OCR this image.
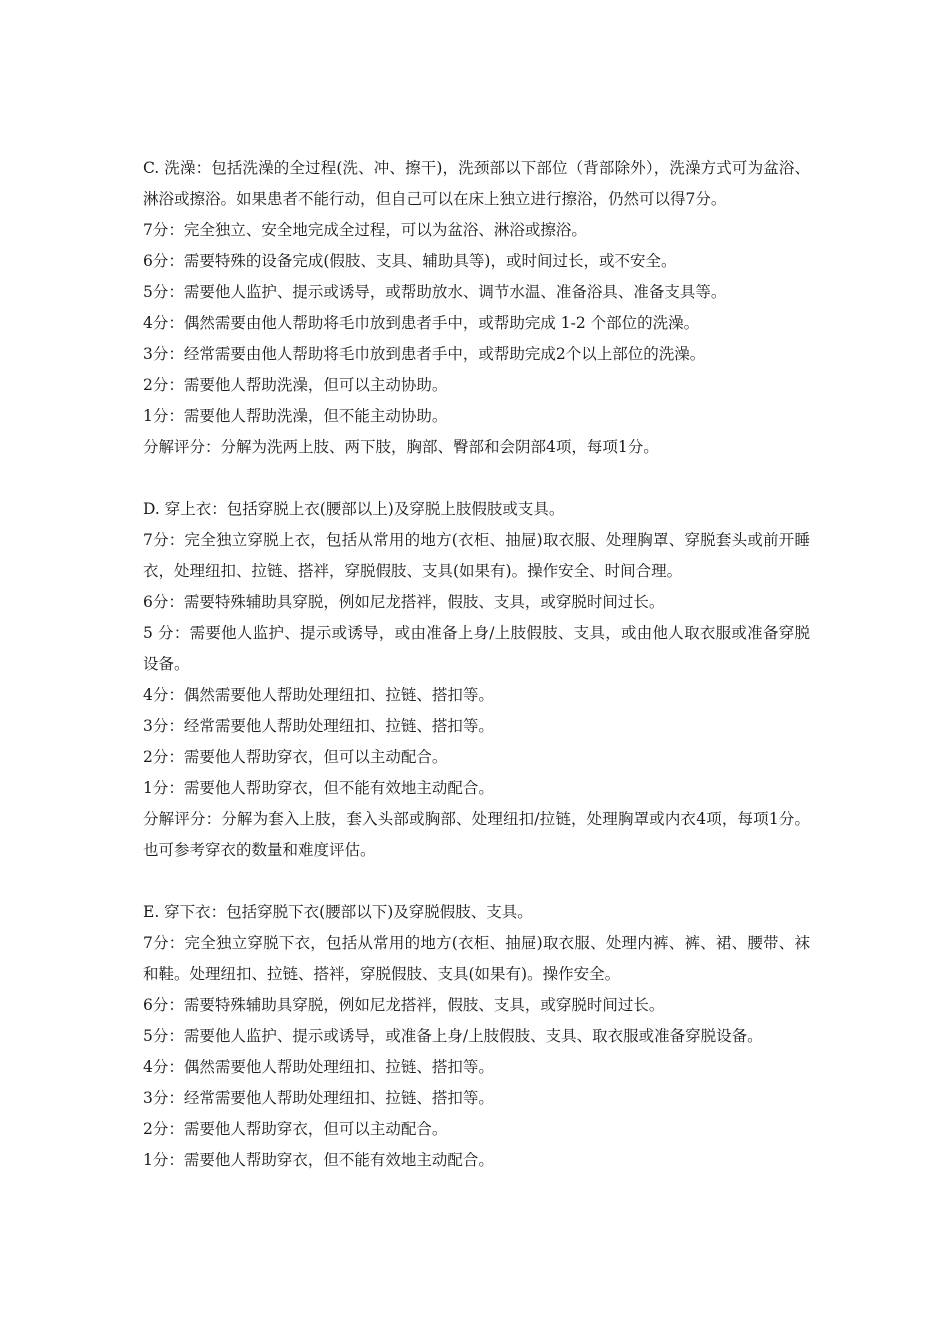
C. 洗澡：包括洗澡的全过程(洗、冲、擦干)，洗颈部以下部位（背部除外），洗澡方式可为盆浴、淋浴或擦浴。如果患者不能行动，但自己可以在床上独立进行擦浴，仍然可以得7分。

7分：完全独立、安全地完成全过程，可以为盆浴、淋浴或擦浴。

6分：需要特殊的设备完成(假肢、支具、辅助具等)，或时间过长，或不安全。

5分：需要他人监护、提示或诱导，或帮助放水、调节水温、准备浴具、准备支具等。

4分：偶然需要由他人帮助将毛巾放到患者手中，或帮助完成 1-2 个部位的洗澡。

3分：经常需要由他人帮助将毛巾放到患者手中，或帮助完成2个以上部位的洗澡。

2分：需要他人帮助洗澡，但可以主动协助。

1分：需要他人帮助洗澡，但不能主动协助。

分解评分：分解为洗两上肢、两下肢，胸部、臀部和会阴部4项，每项1分。

D. 穿上衣：包括穿脱上衣(腰部以上)及穿脱上肢假肢或支具。

7分：完全独立穿脱上衣，包括从常用的地方(衣柜、抽屉)取衣服、处理胸罩、穿脱套头或前开睡衣，处理纽扣、拉链、搭袢，穿脱假肢、支具(如果有)。操作安全、时间合理。

6分：需要特殊辅助具穿脱，例如尼龙搭袢，假肢、支具，或穿脱时间过长。

5 分：需要他人监护、提示或诱导，或由准备上身/上肢假肢、支具，或由他人取衣服或准备穿脱设备。

4分：偶然需要他人帮助处理纽扣、拉链、搭扣等。

3分：经常需要他人帮助处理纽扣、拉链、搭扣等。

2分：需要他人帮助穿衣，但可以主动配合。

1分：需要他人帮助穿衣，但不能有效地主动配合。

分解评分：分解为套入上肢，套入头部或胸部、处理纽扣/拉链，处理胸罩或内衣4项，每项1分。也可参考穿衣的数量和难度评估。

E. 穿下衣：包括穿脱下衣(腰部以下)及穿脱假肢、支具。

7分：完全独立穿脱下衣，包括从常用的地方(衣柜、抽屉)取衣服、处理内裤、裤、裙、腰带、袜和鞋。处理纽扣、拉链、搭袢，穿脱假肢、支具(如果有)。操作安全。

6分：需要特殊辅助具穿脱，例如尼龙搭袢，假肢、支具，或穿脱时间过长。

5分：需要他人监护、提示或诱导，或准备上身/上肢假肢、支具、取衣服或准备穿脱设备。

4分：偶然需要他人帮助处理纽扣、拉链、搭扣等。

3分：经常需要他人帮助处理纽扣、拉链、搭扣等。

2分：需要他人帮助穿衣，但可以主动配合。

1分：需要他人帮助穿衣，但不能有效地主动配合。
